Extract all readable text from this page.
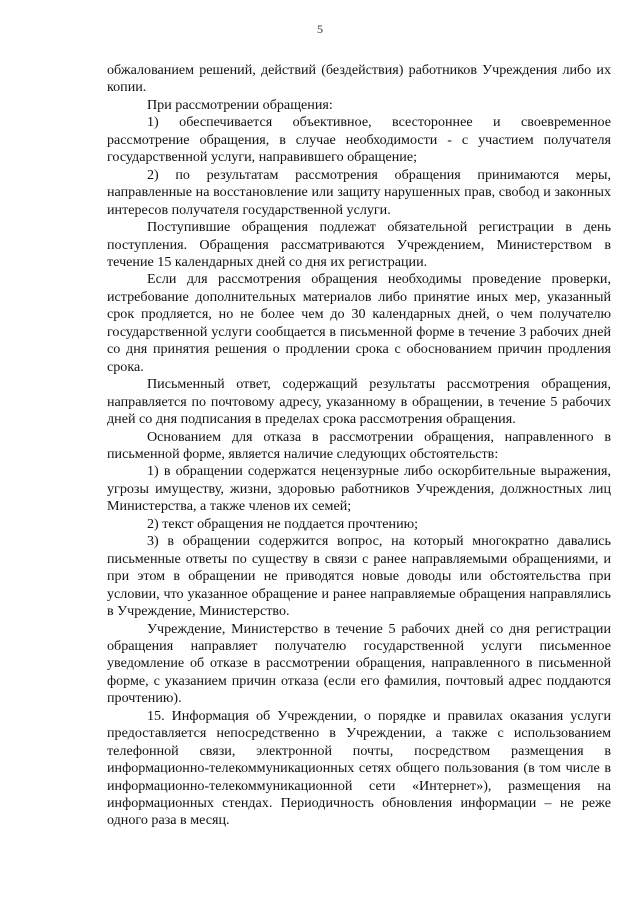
5

обжалованием решений, действий (бездействия) работников Учреждения либо их копии.

При рассмотрении обращения:

1) обеспечивается объективное, всестороннее и своевременное рассмотрение обращения, в случае необходимости - с участием получателя государственной услуги, направившего обращение;

2) по результатам рассмотрения обращения принимаются меры, направленные на восстановление или защиту нарушенных прав, свобод и законных интересов получателя государственной услуги.

Поступившие обращения подлежат обязательной регистрации в день поступления. Обращения рассматриваются Учреждением, Министерством в течение 15 календарных дней со дня их регистрации.

Если для рассмотрения обращения необходимы проведение проверки, истребование дополнительных материалов либо принятие иных мер, указанный срок продляется, но не более чем до 30 календарных дней, о чем получателю государственной услуги сообщается в письменной форме в течение 3 рабочих дней со дня принятия решения о продлении срока с обоснованием причин продления срока.

Письменный ответ, содержащий результаты рассмотрения обращения, направляется по почтовому адресу, указанному в обращении, в течение 5 рабочих дней со дня подписания в пределах срока рассмотрения обращения.

Основанием для отказа в рассмотрении обращения, направленного в письменной форме, является наличие следующих обстоятельств:

1) в обращении содержатся нецензурные либо оскорбительные выражения, угрозы имуществу, жизни, здоровью работников Учреждения, должностных лиц Министерства, а также членов их семей;

2) текст обращения не поддается прочтению;

3) в обращении содержится вопрос, на который многократно давались письменные ответы по существу в связи с ранее направляемыми обращениями, и при этом в обращении не приводятся новые доводы или обстоятельства при условии, что указанное обращение и ранее направляемые обращения направлялись в Учреждение, Министерство.

Учреждение, Министерство в течение 5 рабочих дней со дня регистрации обращения направляет получателю государственной услуги письменное уведомление об отказе в рассмотрении обращения, направленного в письменной форме, с указанием причин отказа (если его фамилия, почтовый адрес поддаются прочтению).

15. Информация об Учреждении, о порядке и правилах оказания услуги предоставляется непосредственно в Учреждении, а также с использованием телефонной связи, электронной почты, посредством размещения в информационно-телекоммуникационных сетях общего пользования (в том числе в информационно-телекоммуникационной сети «Интернет»), размещения на информационных стендах. Периодичность обновления информации – не реже одного раза в месяц.
